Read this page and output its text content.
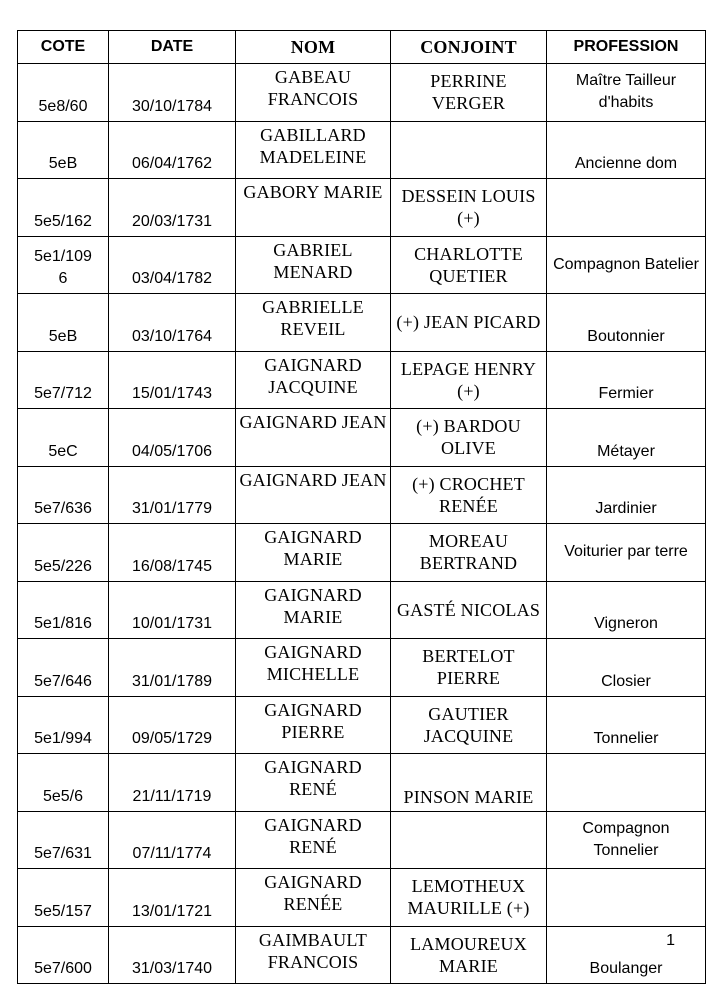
COTE	DATE	NOM	CONJOINT	PROFESSION
5e8/60	30/10/1784	GABEAU FRANCOIS	PERRINE VERGER	Maître Tailleur d'habits
5eB	06/04/1762	GABILLARD MADELEINE		Ancienne dom
5e5/162	20/03/1731	GABORY MARIE	DESSEIN LOUIS (+)	
5e1/1096	03/04/1782	GABRIEL MENARD	CHARLOTTE QUETIER	Compagnon Batelier
5eB	03/10/1764	GABRIELLE REVEIL	(+) JEAN PICARD	Boutonnier
5e7/712	15/01/1743	GAIGNARD JACQUINE	LEPAGE HENRY (+)	Fermier
5eC	04/05/1706	GAIGNARD JEAN	(+) BARDOU OLIVE	Métayer
5e7/636	31/01/1779	GAIGNARD JEAN	(+) CROCHET RENÉE	Jardinier
5e5/226	16/08/1745	GAIGNARD MARIE	MOREAU BERTRAND	Voiturier par terre
5e1/816	10/01/1731	GAIGNARD MARIE	GASTÉ NICOLAS	Vigneron
5e7/646	31/01/1789	GAIGNARD MICHELLE	BERTELOT PIERRE	Closier
5e1/994	09/05/1729	GAIGNARD PIERRE	GAUTIER JACQUINE	Tonnelier
5e5/6	21/11/1719	GAIGNARD RENÉ	PINSON MARIE	
5e7/631	07/11/1774	GAIGNARD RENÉ		Compagnon Tonnelier
5e5/157	13/01/1721	GAIGNARD RENÉE	LEMOTHEUX MAURILLE (+)	
5e7/600	31/03/1740	GAIMBAULT FRANCOIS	LAMOUREUX MARIE	Boulanger
1
